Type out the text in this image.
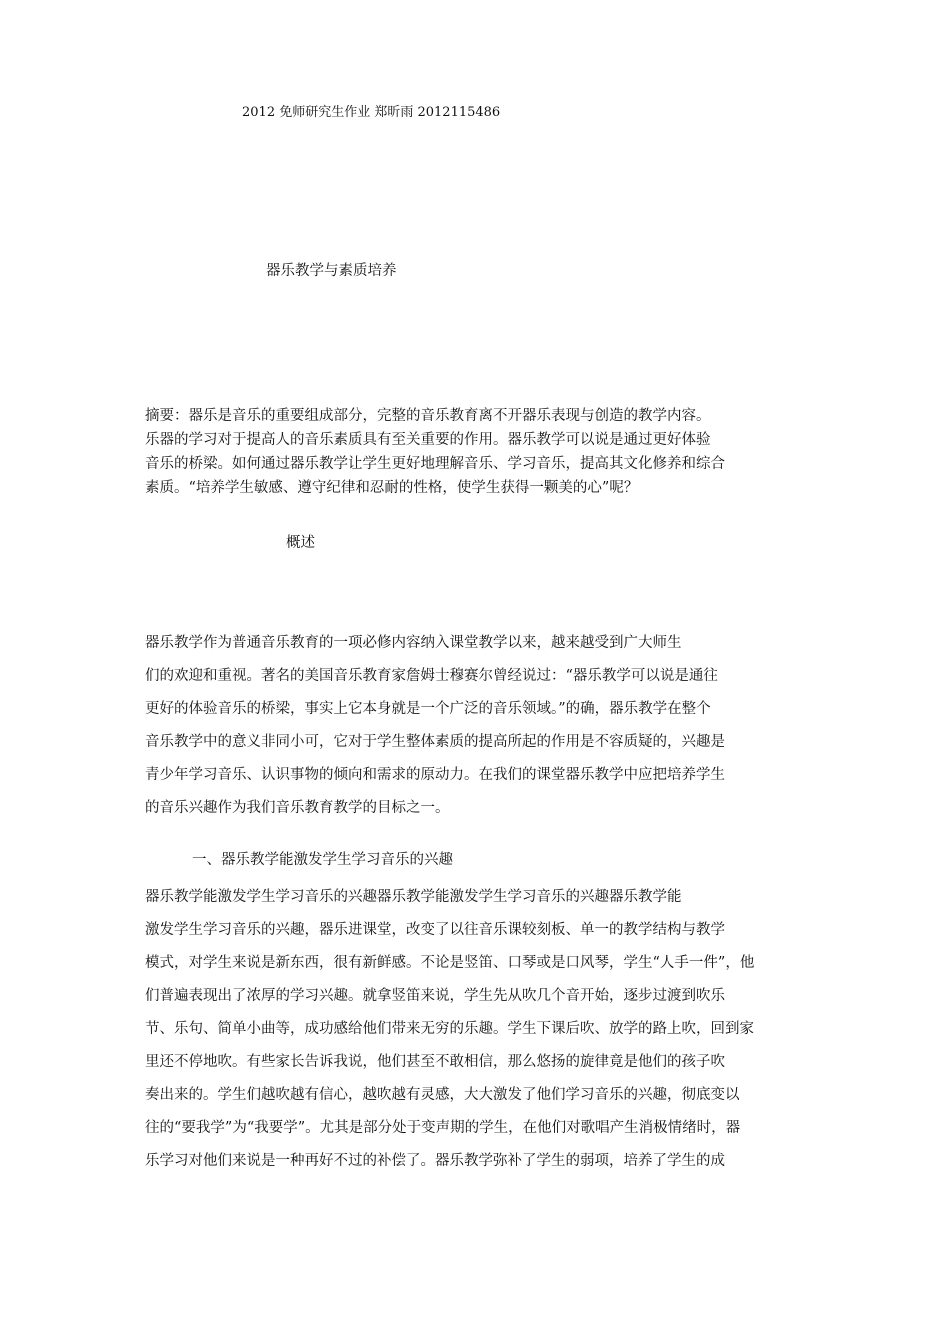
2012 免师研究生作业 郑昕雨 2012115486

器乐教学与素质培养

摘要：器乐是音乐的重要组成部分，完整的音乐教育离不开器乐表现与创造的教学内容。
乐器的学习对于提高人的音乐素质具有至关重要的作用。器乐教学可以说是通过更好体验
音乐的桥梁。如何通过器乐教学让学生更好地理解音乐、学习音乐，提高其文化修养和综合
素质。“培养学生敏感、遵守纪律和忍耐的性格，使学生获得一颗美的心”呢？

概述

器乐教学作为普通音乐教育的一项必修内容纳入课堂教学以来，越来越受到广大师生
们的欢迎和重视。著名的美国音乐教育家詹姆士穆赛尔曾经说过：“器乐教学可以说是通往
更好的体验音乐的桥梁，事实上它本身就是一个广泛的音乐领域。”的确，器乐教学在整个
音乐教学中的意义非同小可，它对于学生整体素质的提高所起的作用是不容质疑的，兴趣是
青少年学习音乐、认识事物的倾向和需求的原动力。在我们的课堂器乐教学中应把培养学生
的音乐兴趣作为我们音乐教育教学的目标之一。

一、器乐教学能激发学生学习音乐的兴趣

器乐教学能激发学生学习音乐的兴趣器乐教学能激发学生学习音乐的兴趣器乐教学能
激发学生学习音乐的兴趣，器乐进课堂，改变了以往音乐课较刻板、单一的教学结构与教学
模式，对学生来说是新东西，很有新鲜感。不论是竖笛、口琴或是口风琴，学生“人手一件”，他
们普遍表现出了浓厚的学习兴趣。就拿竖笛来说，学生先从吹几个音开始，逐步过渡到吹乐
节、乐句、简单小曲等，成功感给他们带来无穷的乐趣。学生下课后吹、放学的路上吹，回到家
里还不停地吹。有些家长告诉我说，他们甚至不敢相信，那么悠扬的旋律竟是他们的孩子吹
奏出来的。学生们越吹越有信心，越吹越有灵感，大大激发了他们学习音乐的兴趣，彻底变以
往的“要我学”为“我要学”。尤其是部分处于变声期的学生，在他们对歌唱产生消极情绪时，器
乐学习对他们来说是一种再好不过的补偿了。器乐教学弥补了学生的弱项，培养了学生的成
